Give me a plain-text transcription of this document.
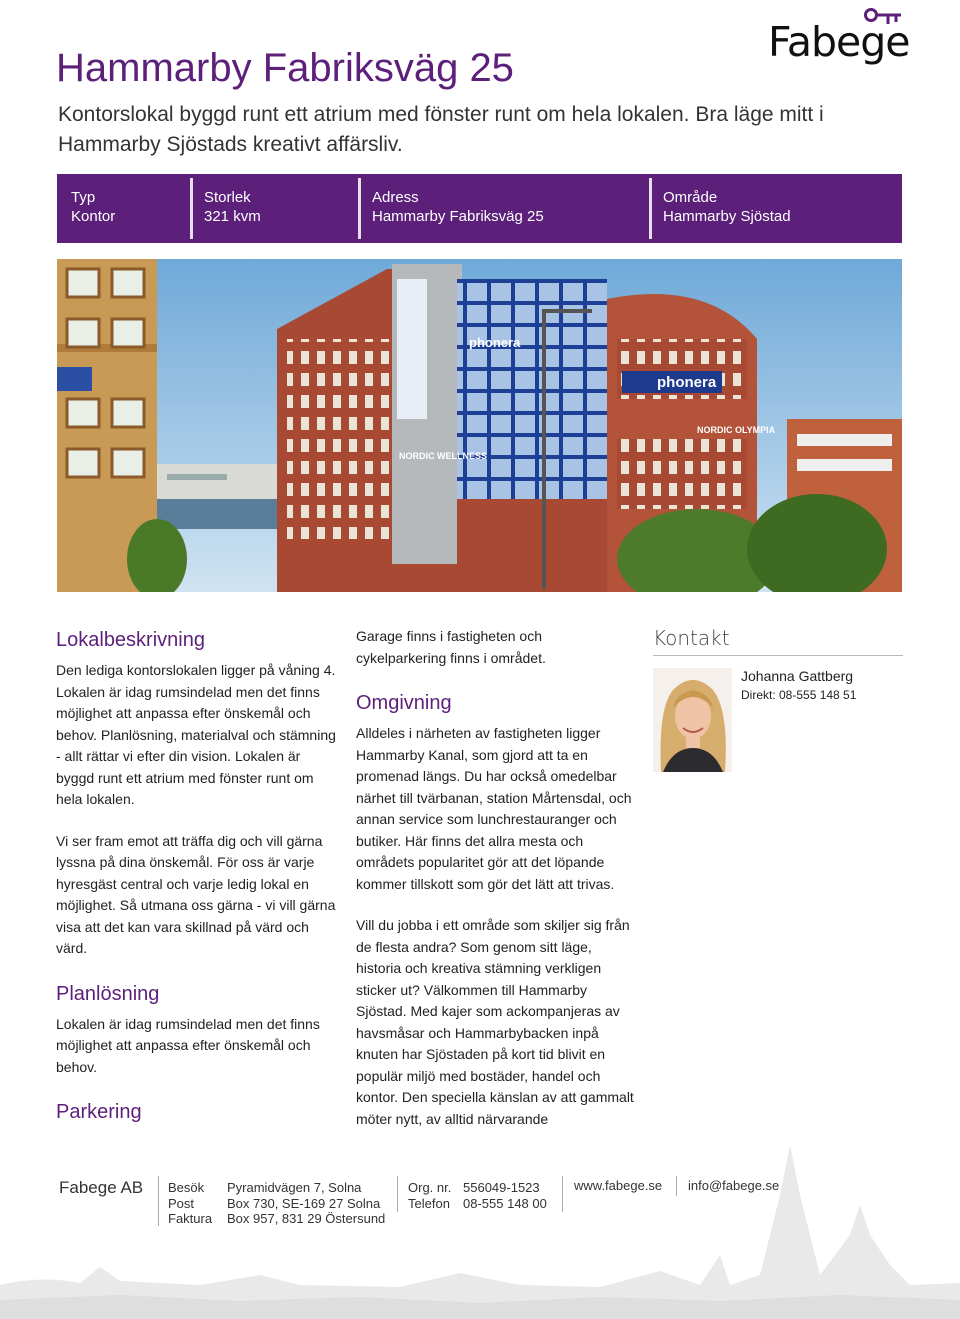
Fabege
Hammarby Fabriksväg 25

Kontorslokal byggd runt ett atrium med fönster runt om hela lokalen. Bra läge mitt i Hammarby Sjöstads kreativt affärsliv.

Typ
Kontor
Storlek
321 kvm
Adress
Hammarby Fabriksväg 25
Område
Hammarby Sjöstad
phonera
phonera
NORDIC WELLNESS
NORDIC OLYMPIA
Lokalbeskrivning

Den lediga kontorslokalen ligger på våning 4. Lokalen är idag rumsindelad men det finns möjlighet att anpassa efter önskemål och behov. Planlösning, materialval och stämning - allt rättar vi efter din vision. Lokalen är byggd runt ett atrium med fönster runt om hela lokalen.

Vi ser fram emot att träffa dig och vill gärna lyssna på dina önskemål. För oss är varje hyresgäst central och varje ledig lokal en möjlighet. Så utmana oss gärna - vi vill gärna visa att det kan vara skillnad på värd och värd.

Planlösning

Lokalen är idag rumsindelad men det finns möjlighet att anpassa efter önskemål och behov.

Parkering

Garage finns i fastigheten och cykelparkering finns i området.

Omgivning

Alldeles i närheten av fastigheten ligger Hammarby Kanal, som gjord att ta en promenad längs. Du har också omedelbar närhet till tvärbanan, station Mårtensdal, och annan service som lunchrestauranger och butiker. Här finns det allra mesta och områdets popularitet gör att det löpande kommer tillskott som gör det lätt att trivas.

Vill du jobba i ett område som skiljer sig från de flesta andra? Som genom sitt läge, historia och kreativa stämning verkligen sticker ut? Välkommen till Hammarby Sjöstad. Med kajer som ackompanjeras av havsmåsar och Hammarbybacken inpå knuten har Sjöstaden på kort tid blivit en populär miljö med bostäder, handel och kontor. Den speciella känslan av att gammalt möter nytt, av alltid närvarande

Kontakt
Johanna Gattberg
Direkt: 08-555 148 51
Fabege AB Besök
Post
Faktura
Pyramidvägen 7, Solna
Box 730, SE-169 27 Solna
Box 957, 831 29 Östersund
Org. nr.
Telefon
556049-1523
08-555 148 00
www.fabege.se info@fabege.se
